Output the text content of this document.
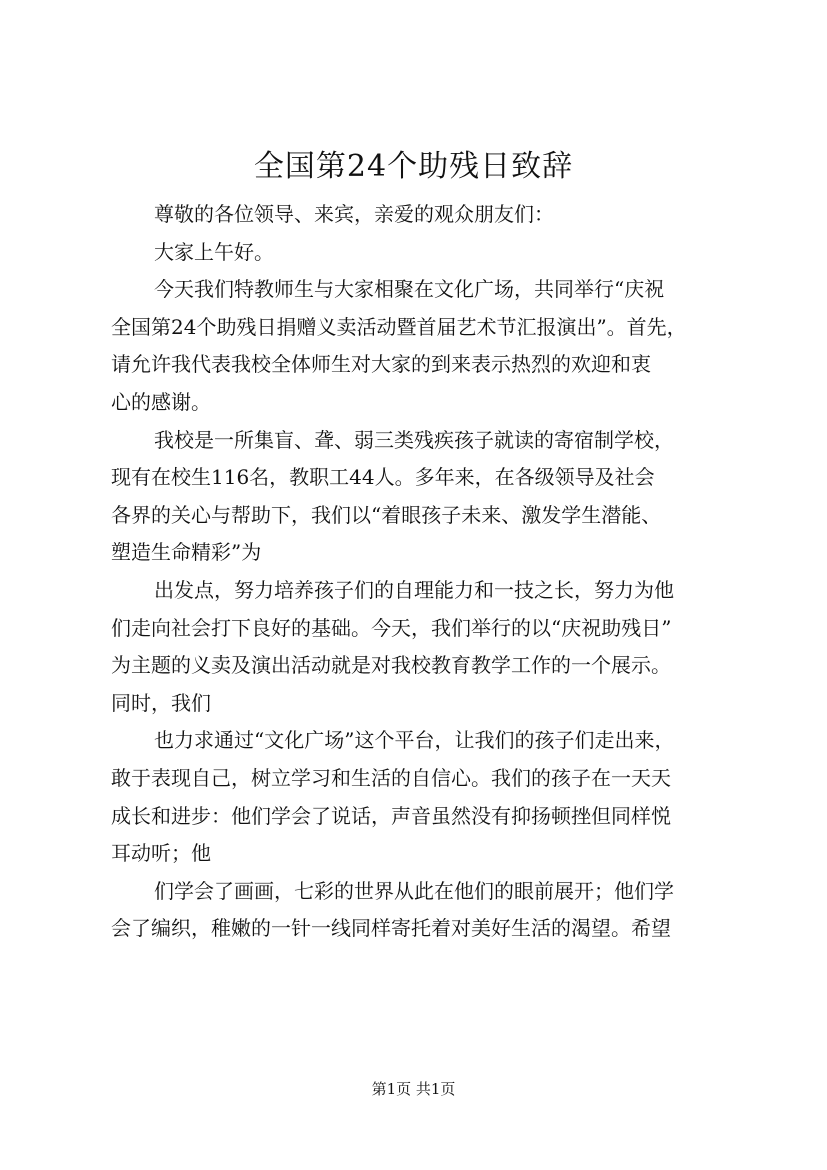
全国第24个助残日致辞

尊敬的各位领导、来宾，亲爱的观众朋友们：

大家上午好。

今天我们特教师生与大家相聚在文化广场，共同举行“庆祝
全国第24个助残日捐赠义卖活动暨首届艺术节汇报演出”。首先，
请允许我代表我校全体师生对大家的到来表示热烈的欢迎和衷
心的感谢。

我校是一所集盲、聋、弱三类残疾孩子就读的寄宿制学校，
现有在校生116名，教职工44人。多年来，在各级领导及社会
各界的关心与帮助下，我们以“着眼孩子未来、激发学生潜能、
塑造生命精彩”为

出发点，努力培养孩子们的自理能力和一技之长，努力为他
们走向社会打下良好的基础。今天，我们举行的以“庆祝助残日”
为主题的义卖及演出活动就是对我校教育教学工作的一个展示。
同时，我们

也力求通过“文化广场”这个平台，让我们的孩子们走出来，
敢于表现自己，树立学习和生活的自信心。我们的孩子在一天天
成长和进步：他们学会了说话，声音虽然没有抑扬顿挫但同样悦
耳动听；他

们学会了画画，七彩的世界从此在他们的眼前展开；他们学
会了编织，稚嫩的一针一线同样寄托着对美好生活的渴望。希望

第1页 共1页
